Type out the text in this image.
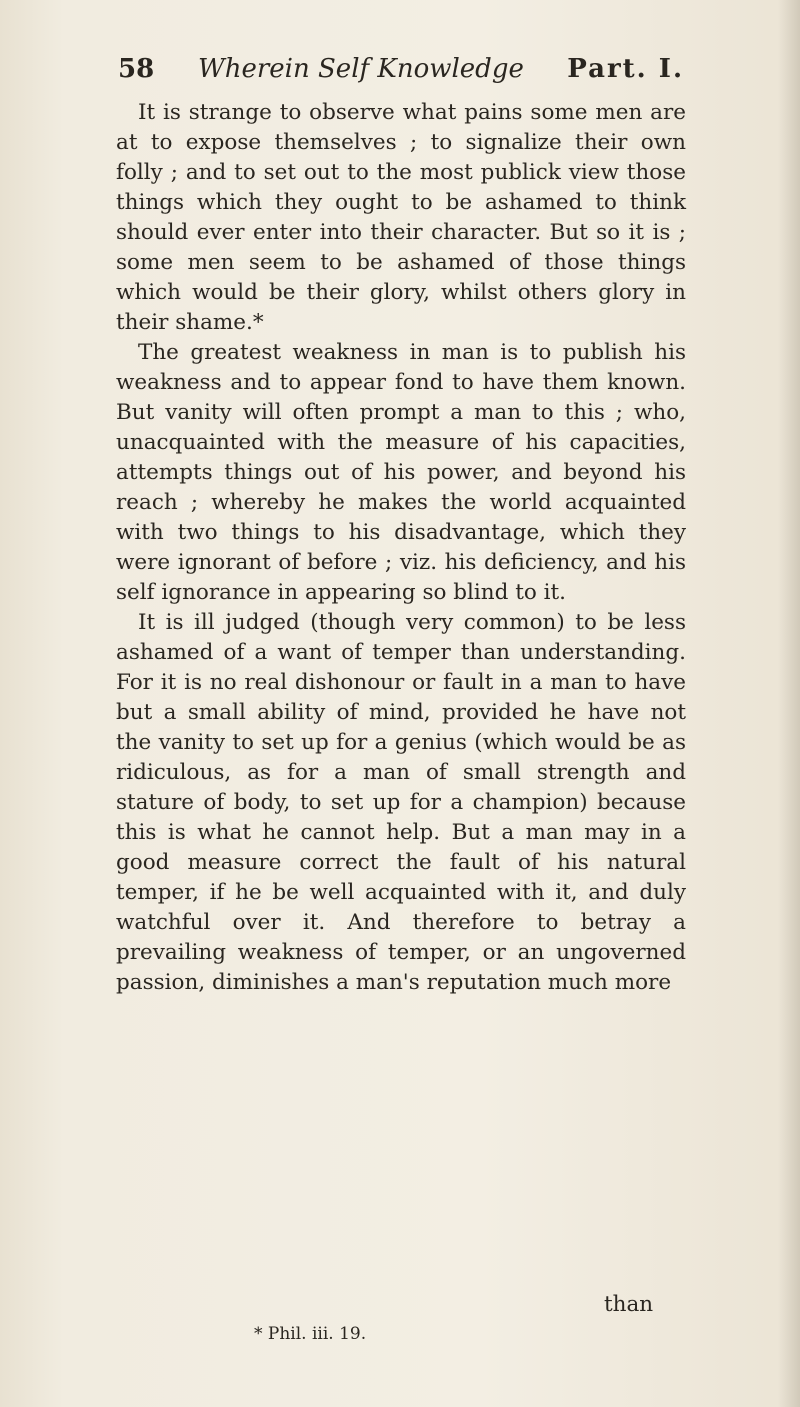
58 Wherein Self Knowledge Part. I.

It is strange to observe what pains some men are at to expose themselves ; to signalize their own folly ; and to set out to the most publick view those things which they ought to be ashamed to think should ever enter into their character. But so it is ; some men seem to be ashamed of those things which would be their glory, whilst others glory in their shame.*

The greatest weakness in man is to publish his weakness and to appear fond to have them known. But vanity will often prompt a man to this ; who, unacquainted with the measure of his capacities, attempts things out of his power, and beyond his reach ; whereby he makes the world acquainted with two things to his disadvantage, which they were ignorant of before ; viz. his deficiency, and his self ignorance in appearing so blind to it.

It is ill judged (though very common) to be less ashamed of a want of temper than understanding. For it is no real dishonour or fault in a man to have but a small ability of mind, provided he have not the vanity to set up for a genius (which would be as ridiculous, as for a man of small strength and stature of body, to set up for a champion) because this is what he cannot help. But a man may in a good measure correct the fault of his natural temper, if he be well acquainted with it, and duly watchful over it. And therefore to betray a prevailing weakness of temper, or an ungoverned passion, diminishes a man's reputation much more

than
* Phil. iii. 19.
